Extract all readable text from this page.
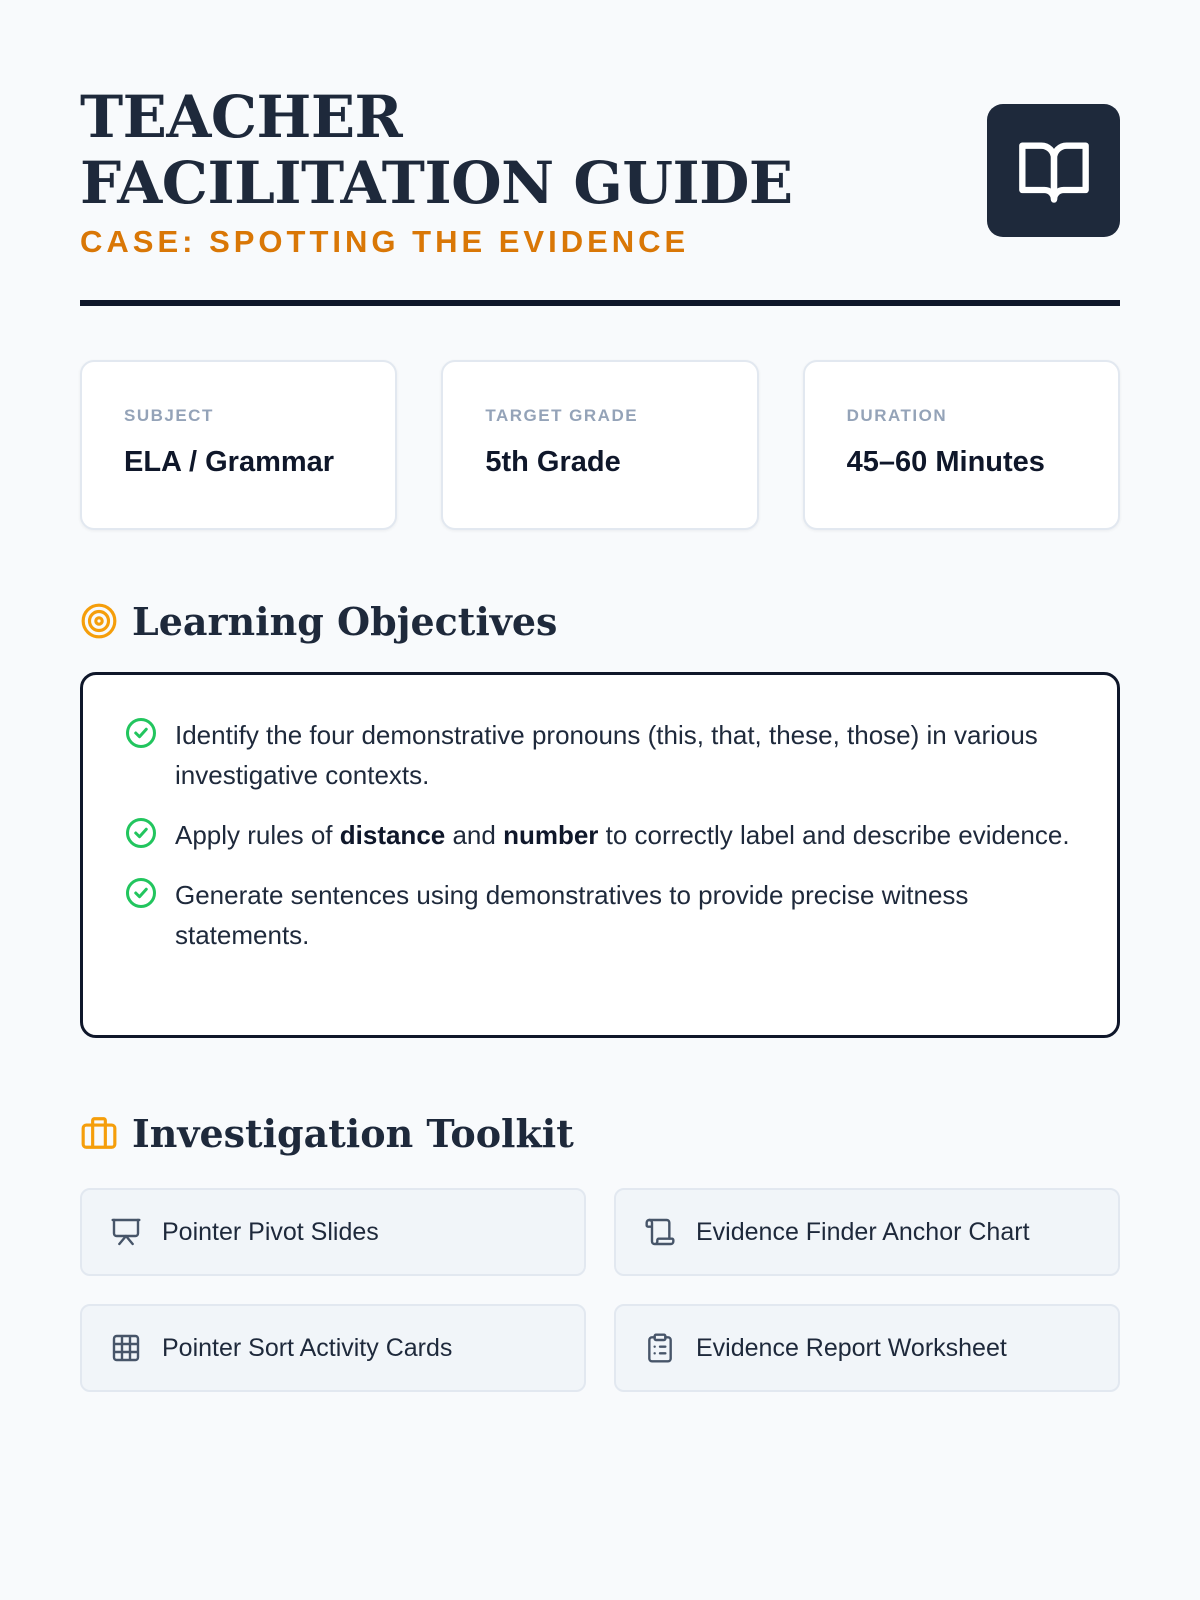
TEACHER FACILITATION GUIDE
CASE: SPOTTING THE EVIDENCE
SUBJECT
ELA / Grammar
TARGET GRADE
5th Grade
DURATION
45–60 Minutes
Learning Objectives

Identify the four demonstrative pronouns (this, that, these, those) in various investigative contexts.

Apply rules of distance and number to correctly label and describe evidence.

Generate sentences using demonstratives to provide precise witness statements.

Investigation Toolkit
Pointer Pivot Slides	Evidence Finder Anchor Chart
Pointer Sort Activity Cards	Evidence Report Worksheet
